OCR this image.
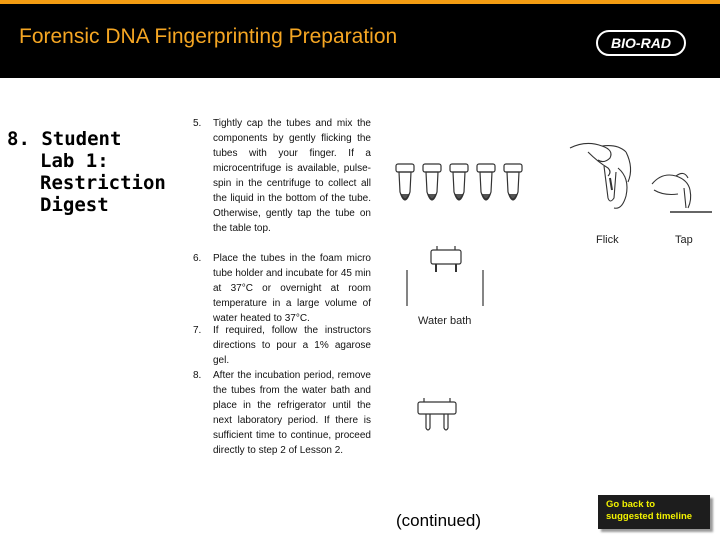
Forensic DNA Fingerprinting Preparation	BIO-RAD
8. Student
Lab 1:
Restriction
Digest
5.	Tightly cap the tubes and mix the components by gently flicking the tubes with your finger. If a microcentrifuge is available, pulse-spin in the centrifuge to collect all the liquid in the bottom of the tube. Otherwise, gently tap the tube on the table top.
6.	Place the tubes in the foam micro tube holder and incubate for 45 min at 37°C or overnight at room temperature in a large volume of water heated to 37°C.
7.	If required, follow the instructors directions to pour a 1% agarose gel.
8.	After the incubation period, remove the tubes from the water bath and place in the refrigerator until the next laboratory period. If there is sufficient time to continue, proceed directly to step 2 of Lesson 2.
Flick	Tap
Water bath
(continued)
Go back to
suggested timeline
